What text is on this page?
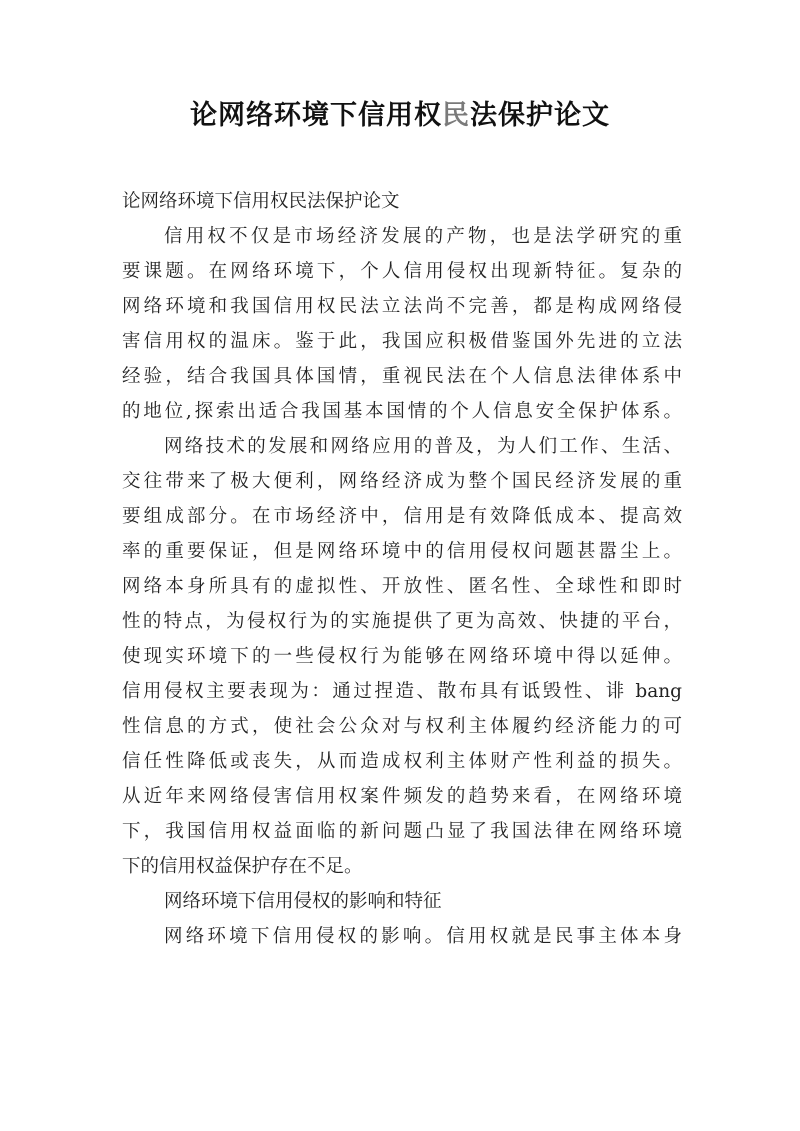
论网络环境下信用权民法保护论文
论网络环境下信用权民法保护论文
信用权不仅是市场经济发展的产物，也是法学研究的重
要课题。在网络环境下，个人信用侵权出现新特征。复杂的
网络环境和我国信用权民法立法尚不完善，都是构成网络侵
害信用权的温床。鉴于此，我国应积极借鉴国外先进的立法
经验，结合我国具体国情，重视民法在个人信息法律体系中
的地位,探索出适合我国基本国情的个人信息安全保护体系。
网络技术的发展和网络应用的普及，为人们工作、生活、
交往带来了极大便利，网络经济成为整个国民经济发展的重
要组成部分。在市场经济中，信用是有效降低成本、提高效
率的重要保证，但是网络环境中的信用侵权问题甚嚣尘上。
网络本身所具有的虚拟性、开放性、匿名性、全球性和即时
性的特点，为侵权行为的实施提供了更为高效、快捷的平台，
使现实环境下的一些侵权行为能够在网络环境中得以延伸。
信用侵权主要表现为：通过捏造、散布具有诋毁性、诽 bang
性信息的方式，使社会公众对与权利主体履约经济能力的可
信任性降低或丧失，从而造成权利主体财产性利益的损失。
从近年来网络侵害信用权案件频发的趋势来看，在网络环境
下，我国信用权益面临的新问题凸显了我国法律在网络环境
下的信用权益保护存在不足。
网络环境下信用侵权的影响和特征
网络环境下信用侵权的影响。信用权就是民事主体本身
